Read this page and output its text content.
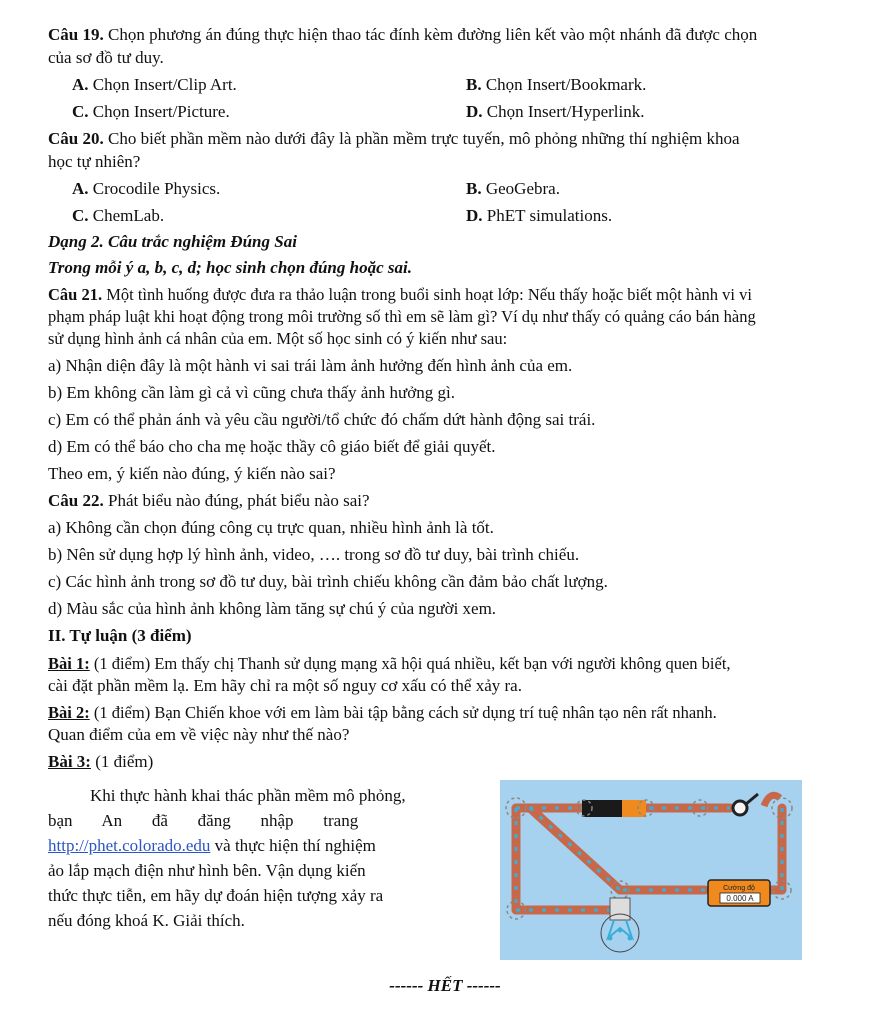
Câu 19. Chọn phương án đúng thực hiện thao tác đính kèm đường liên kết vào một nhánh đã được chọn
của sơ đồ tư duy.
A. Chọn Insert/Clip Art.	B. Chọn Insert/Bookmark.
C. Chọn Insert/Picture.	D. Chọn Insert/Hyperlink.
Câu 20. Cho biết phần mềm nào dưới đây là phần mềm trực tuyến, mô phỏng những thí nghiệm khoa
học tự nhiên?
A. Crocodile Physics.	B. GeoGebra.
C. ChemLab.	D. PhET simulations.
Dạng 2. Câu trắc nghiệm Đúng Sai
Trong mỗi ý a, b, c, d; học sinh chọn đúng hoặc sai.
Câu 21. Một tình huống được đưa ra thảo luận trong buổi sinh hoạt lớp: Nếu thấy hoặc biết một hành vi vi
phạm pháp luật khi hoạt động trong môi trường số thì em sẽ làm gì? Ví dụ như thấy có quảng cáo bán hàng
sử dụng hình ảnh cá nhân của em. Một số học sinh có ý kiến như sau:
a) Nhận diện đây là một hành vi sai trái làm ảnh hưởng đến hình ảnh của em.
b) Em không cần làm gì cả vì cũng chưa thấy ảnh hưởng gì.
c) Em có thể phản ánh và yêu cầu người/tổ chức đó chấm dứt hành động sai trái.
d) Em có thể báo cho cha mẹ hoặc thầy cô giáo biết để giải quyết.
Theo em, ý kiến nào đúng, ý kiến nào sai?
Câu 22. Phát biểu nào đúng, phát biểu nào sai?
a) Không cần chọn đúng công cụ trực quan, nhiều hình ảnh là tốt.
b) Nên sử dụng hợp lý hình ảnh, video, …. trong sơ đồ tư duy, bài trình chiếu.
c) Các hình ảnh trong sơ đồ tư duy, bài trình chiếu không cần đảm bảo chất lượng.
d) Màu sắc của hình ảnh không làm tăng sự chú ý của người xem.
II. Tự luận (3 điểm)
Bài 1: (1 điểm) Em thấy chị Thanh sử dụng mạng xã hội quá nhiều, kết bạn với người không quen biết,
cài đặt phần mềm lạ. Em hãy chỉ ra một số nguy cơ xấu có thể xảy ra.
Bài 2: (1 điểm) Bạn Chiến khoe với em làm bài tập bằng cách sử dụng trí tuệ nhân tạo nên rất nhanh.
Quan điểm của em về việc này như thế nào?
Bài 3: (1 điểm)
Khi thực hành khai thác phần mềm mô phỏng,
bạn       An       đã       đăng       nhập       trang
http://phet.colorado.edu và thực hiện thí nghiệm
ảo lắp mạch điện như hình bên. Vận dụng kiến
thức thực tiễn, em hãy dự đoán hiện tượng xảy ra
nếu đóng khoá K. Giải thích.
Cường độ
0.000 A
------ HẾT ------
